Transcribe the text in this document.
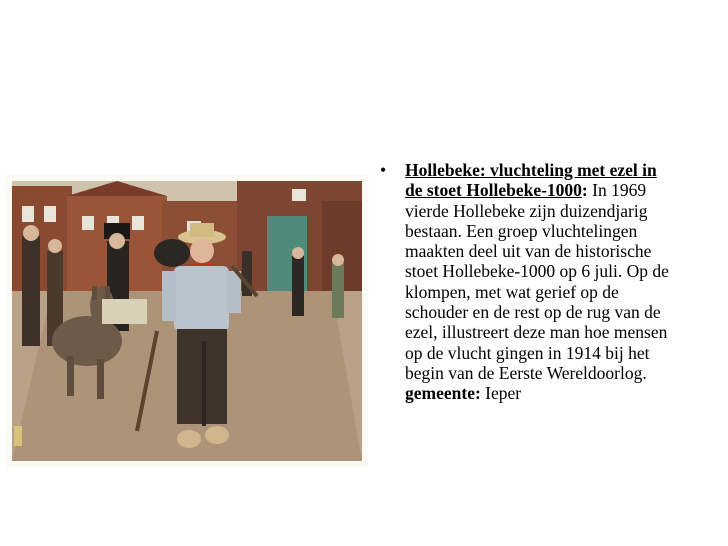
•	Hollebeke: vluchteling met ezel in de stoet Hollebeke-1000: In 1969 vierde Hollebeke zijn duizendjarig bestaan. Een groep vluchtelingen maakten deel uit van de historische stoet Hollebeke-1000 op 6 juli. Op de klompen, met wat gerief op de schouder en de rest op de rug van de ezel, illustreert deze man hoe mensen op de vlucht gingen in 1914 bij het begin van de Eerste Wereldoorlog. gemeente: Ieper
